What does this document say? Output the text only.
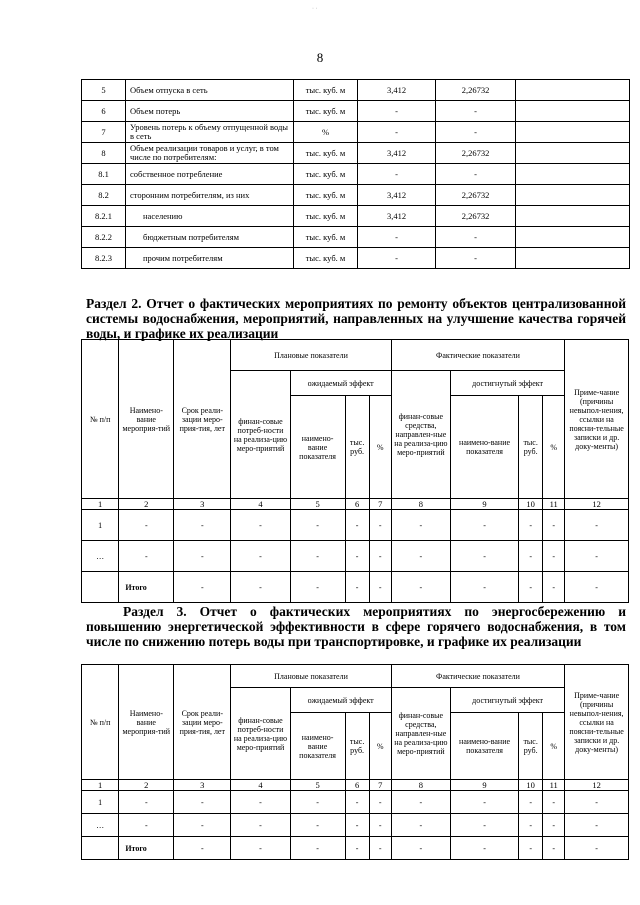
· ·
8
5	Объем отпуска в сеть	тыс. куб. м	3,412	2,26732	
6	Объем потерь	тыс. куб. м	-	-	
7	Уровень потерь к объему отпущенной воды в сеть	%	-	-	
8	Объем реализации товаров и услуг, в том числе по потребителям:	тыс. куб. м	3,412	2,26732	
8.1	собственное потребление	тыс. куб. м	-	-	
8.2	сторонним потребителям, из них	тыс. куб. м	3,412	2,26732	
8.2.1	населению	тыс. куб. м	3,412	2,26732	
8.2.2	бюджетным потребителям	тыс. куб. м	-	-	
8.2.3	прочим потребителям	тыс. куб. м	-	-	

Раздел 2. Отчет о фактических мероприятиях по ремонту объектов централизованной системы водоснабжения, мероприятий, направленных на улучшение качества горячей воды, и графике их реализации

№ п/п	Наимено-вание мероприя-тий	Срок реали-зации меро-прия-тия, лет	Плановые показатели				Фактические показатели				Приме-чание (причины невыпол-нения, ссылки на поясни-тельные записки и др. доку-менты)
			финан-совые потреб-ности на реализа-цию меро-приятий	ожидаемый эффект			финан-совые средства, направлен-ные на реализа-цию меро-приятий	достигнутый эффект			
				наимено-вание показателя	тыс. руб.	%		наимено-вание показателя	тыс. руб.	%	
1	2	3	4	5	6	7	8	9	10	11	12
1	-	-	-	-	-	-	-	-	-	-	-
…	-	-	-	-	-	-	-	-	-	-	-
	Итого	-	-	-	-	-	-	-	-	-	-

Раздел 3. Отчет о фактических мероприятиях по энергосбережению и повышению энергетической эффективности в сфере горячего водоснабжения, в том числе по снижению потерь воды при транспортировке, и графике их реализации

№ п/п	Наимено-вание мероприя-тий	Срок реали-зации меро-прия-тия, лет	Плановые показатели				Фактические показатели				Приме-чание (причины невыпол-нения, ссылки на поясни-тельные записки и др. доку-менты)
			финан-совые потреб-ности на реализа-цию меро-приятий	ожидаемый эффект			финан-совые средства, направлен-ные на реализа-цию меро-приятий	достигнутый эффект			
				наимено-вание показателя	тыс. руб.	%		наимено-вание показателя	тыс. руб.	%	
1	2	3	4	5	6	7	8	9	10	11	12
1	-	-	-	-	-	-	-	-	-	-	-
…	-	-	-	-	-	-	-	-	-	-	-
	Итого	-	-	-	-	-	-	-	-	-	-
